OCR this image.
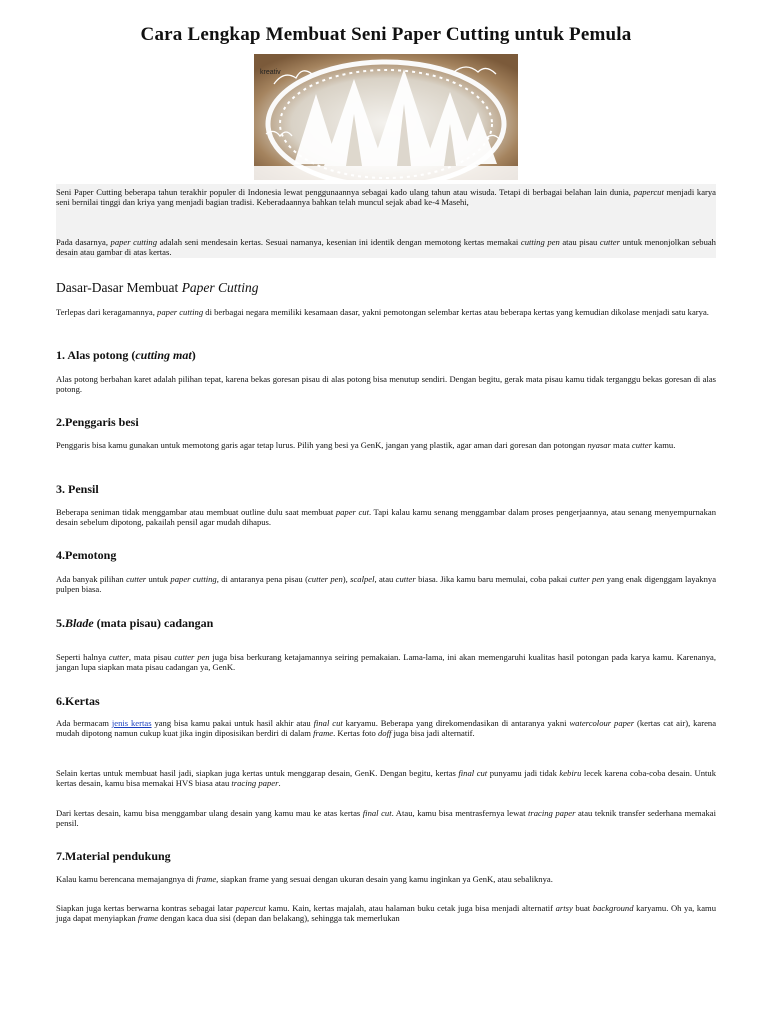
Cara Lengkap Membuat Seni Paper Cutting untuk Pemula
kreativ

Seni Paper Cutting beberapa tahun terakhir populer di Indonesia lewat penggunaannya sebagai kado ulang tahun atau wisuda. Tetapi di berbagai belahan lain dunia, papercut menjadi karya seni bernilai tinggi dan kriya yang menjadi bagian tradisi. Keberadaannya bahkan telah muncul sejak abad ke-4 Masehi,

Pada dasarnya, paper cutting adalah seni mendesain kertas. Sesuai namanya, kesenian ini identik dengan memotong kertas memakai cutting pen atau pisau cutter untuk menonjolkan sebuah desain atau gambar di atas kertas.

Dasar-Dasar Membuat Paper Cutting

Terlepas dari keragamannya, paper cutting di berbagai negara memiliki kesamaan dasar, yakni pemotongan selembar kertas atau beberapa kertas yang kemudian dikolase menjadi satu karya.

1. Alas potong (cutting mat)

Alas potong berbahan karet adalah pilihan tepat, karena bekas goresan pisau di alas potong bisa menutup sendiri. Dengan begitu, gerak mata pisau kamu tidak terganggu bekas goresan di alas potong.

2.Penggaris besi

Penggaris bisa kamu gunakan untuk memotong garis agar tetap lurus. Pilih yang besi ya GenK, jangan yang plastik, agar aman dari goresan dan potongan nyasar mata cutter kamu.

3. Pensil

Beberapa seniman tidak menggambar atau membuat outline dulu saat membuat paper cut. Tapi kalau kamu senang menggambar dalam proses pengerjaannya, atau senang menyempurnakan desain sebelum dipotong, pakailah pensil agar mudah dihapus.

4.Pemotong

Ada banyak pilihan cutter untuk paper cutting, di antaranya pena pisau (cutter pen), scalpel, atau cutter biasa. Jika kamu baru memulai, coba pakai cutter pen yang enak digenggam layaknya pulpen biasa.

5.Blade (mata pisau) cadangan

Seperti halnya cutter, mata pisau cutter pen juga bisa berkurang ketajamannya seiring pemakaian. Lama-lama, ini akan memengaruhi kualitas hasil potongan pada karya kamu. Karenanya, jangan lupa siapkan mata pisau cadangan ya, GenK.

6.Kertas

Ada bermacam jenis kertas yang bisa kamu pakai untuk hasil akhir atau final cut karyamu. Beberapa yang direkomendasikan di antaranya yakni watercolour paper (kertas cat air), karena mudah dipotong namun cukup kuat jika ingin diposisikan berdiri di dalam frame. Kertas foto doff juga bisa jadi alternatif.

Selain kertas untuk membuat hasil jadi, siapkan juga kertas untuk menggarap desain, GenK. Dengan begitu, kertas final cut punyamu jadi tidak kebiru lecek karena coba-coba desain. Untuk kertas desain, kamu bisa memakai HVS biasa atau tracing paper.

Dari kertas desain, kamu bisa menggambar ulang desain yang kamu mau ke atas kertas final cut. Atau, kamu bisa mentrasfernya lewat tracing paper atau teknik transfer sederhana memakai pensil.

7.Material pendukung

Kalau kamu berencana memajangnya di frame, siapkan frame yang sesuai dengan ukuran desain yang kamu inginkan ya GenK, atau sebaliknya.

Siapkan juga kertas berwarna kontras sebagai latar papercut kamu. Kain, kertas majalah, atau halaman buku cetak juga bisa menjadi alternatif artsy buat background karyamu. Oh ya, kamu juga dapat menyiapkan frame dengan kaca dua sisi (depan dan belakang), sehingga tak memerlukan
